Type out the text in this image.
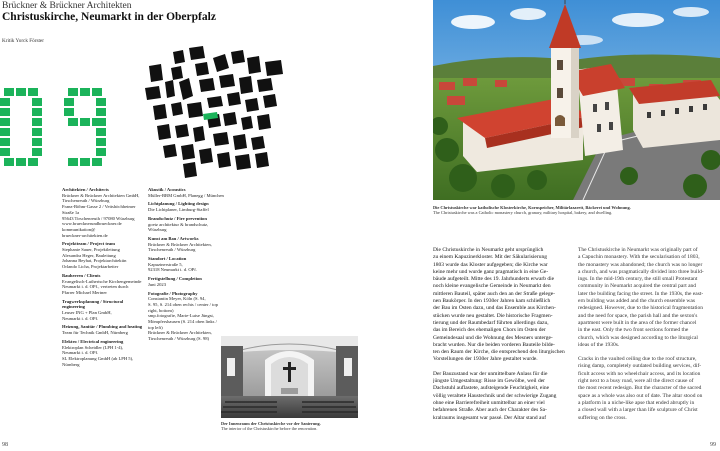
Brückner & Brückner Architekten
Christuskirche, Neumarkt in der Oberpfalz
Kritik Yorck Förster
Architekten / Architects
Brückner & Brückner Architekten GmbH,
Tirschenreuth / Würzburg
Franz-Böhm-Gasse 2 / Veitshöchheimer
Straße 1a
95643 Tirschenreuth / 97080 Würzburg
www.bruecknerundbrueckner.de
kommunikation@
brueckner-architekten.de
Projektteam / Project team
Stephanie Sauer, Projektleitung
Alexandra Heger, Bauleitung
Johanna Beyhat, Projektarchitektin
Orlando Licha, Projektarbeiter
Bauherren / Clients
Evangelisch-Lutherische Kirchengemeinde
Neumarkt i. d. OPf., vertreten durch
Pfarrer Michael Mertner
Tragwerksplanung / Structural engineering
Leuser ING + Plan GmbH,
Neumarkt i. d. OPf.
Heizung, Sanitär / Plumbing and heating
Team für Technik GmbH, Nürnberg
Elektro / Electrical engineering
Elektroplan Scheidler (LPH 1-4),
Neumarkt i. d. OPf.
SL Elektroplanung GmbH (ab LPH 5),
Nürnberg
Akustik / Acoustics
Müller-BBM GmbH, Planegg / München
Lichtplanung / Lighting design
Die Lichtplaner, Limburg-Staffel
Brandschutz / Fire prevention
goetz architektur & brandschutz,
Würzburg
Kunst am Bau / Artworks
Brückner & Brückner Architekten,
Tirschenreuth / Würzburg
Standort / Location
Kapuzinerstraße 5,
92318 Neumarkt i. d. OPf.
Fertigstellung / Completion
Juni 2023
Fotografie / Photography
Constantin Meyer, Köln (S. 94,
S. 95, S. 214 oben rechts / center / top
right, bottom)
smp.fotografie, Marie-Luise Jüngst,
Mömpfershausen (S. 214 oben links /
top left)
Brückner & Brückner Architekten,
Tirschenreuth / Würzburg (S. 98)
Der Innenraum der Christuskirche vor der Sanierung.
The interior of the Christuskirche before the renovation.
Die Christuskirche war katholische Klosterkirche, Kornspeicher, Militärlazarett, Bäckerei und Wohnung.
The Christuskirche was a Catholic monastery church, granary, military hospital, bakery, and dwelling.

Die Christuskirche in Neumarkt geht ursprünglich
zu einem Kapuzinerkloster. Mit der Säkularisierung
1803 wurde das Kloster aufgegeben; die Kirche war
keine mehr und wurde ganz pragmatisch in eine Ge-
bäude aufgeteilt. Mitte des 19. Jahrhunderts erwarb die
noch kleine evangelische Gemeinde in Neumarkt den
mittleren Bauteil, später auch den an der Straße gelege-
nen Baukörper. In den 1930er Jahren kam schließlich
der Bau im Osten dazu, und das Ensemble aus Kirchen-
stücken wurde neu gestaltet. Die historische Fragmen-
tierung und der Raumbedarf führten allerdings dazu,
das im Bereich des ehemaligen Chors im Osten der
Gemeindesaal und die Wohnung des Mesners unterge-
bracht wurden. Nur die beiden vorderen Bauteile bilde-
ten den Raum der Kirche, die entsprechend den liturgischen
Vorstellungen der 1930er Jahre gestaltet wurde.

Der Bauzustand war der unmittelbare Anlass für die
jüngste Umgestaltung: Risse im Gewölbe, weil der
Dachstuhl auflastete, aufsteigende Feuchtigkeit, eine
völlig veraltete Haustechnik und der schwierige Zugang
ohne eine Barrierefreiheit unmittelbar an einer viel
befahrenen Straße. Aber auch der Charakter des Sa-
kralraums insgesamt war passé. Der Altar stand auf

The Christuskirche in Neumarkt was originally part of
a Capuchin monastery. With the secularisation of 1803,
the monastery was abandoned; the church was no longer
a church, and was pragmatically divided into three build-
ings. In the mid-19th century, the still small Protestant
community in Neumarkt acquired the central part and
later the building facing the street. In the 1930s, the east-
ern building was added and the church ensemble was
redesigned. However, due to the historical fragmentation
and the need for space, the parish hall and the sexton's
apartment were built in the area of the former chancel
in the east. Only the two front sections formed the
church, which was designed according to the liturgical
ideas of the 1930s.

Cracks in the vaulted ceiling due to the roof structure,
rising damp, completely outdated building services, dif-
ficult access with no wheelchair access, and its location
right next to a busy road, were all the direct cause of
the most recent redesign. But the character of the sacred
space as a whole was also out of date. The altar stood on
a platform in a niche-like apse that ended abruptly in
a closed wall with a larger than life sculpture of Christ
suffering on the cross.

98	99
